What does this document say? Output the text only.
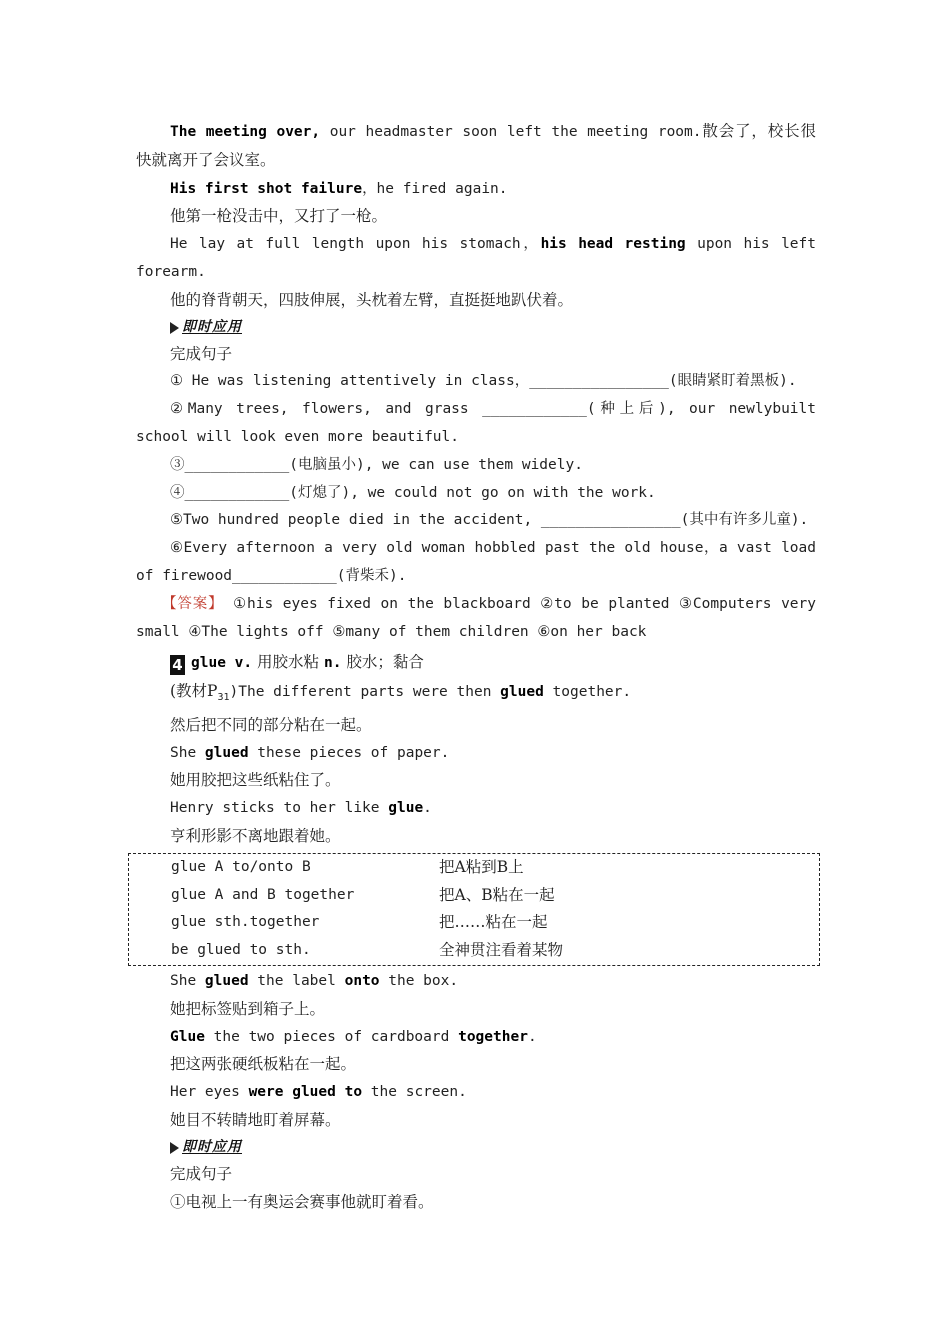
The meeting over, our headmaster soon left the meeting room.散会了，校长很快就离开了会议室。
His first shot failure，he fired again.
他第一枪没击中，又打了一枪。
He lay at full length upon his stomach，his head resting upon his left forearm.
他的脊背朝天，四肢伸展，头枕着左臂，直挺挺地趴伏着。
即时应用
完成句子
① He was listening attentively in class，________________(眼睛紧盯着黑板).
②Many trees, flowers, and grass ____________(种上后), our newlybuilt school will look even more beautiful.
③____________(电脑虽小), we can use them widely.
④____________(灯熄了), we could not go on with the work.
⑤Two hundred people died in the accident, ________________(其中有许多儿童).
⑥Every afternoon a very old woman hobbled past the old house，a vast load of firewood____________(背柴禾).
【答案】 ①his eyes fixed on the blackboard ②to be planted ③Computers very small ④The lights off ⑤many of them children ⑥on her back
4 glue v. 用胶水粘 n. 胶水；黏合
(教材$P_{31})The$ different parts were then glued together.
然后把不同的部分粘在一起。
She glued these pieces of paper.
她用胶把这些纸粘住了。
Henry sticks to her like glue.
亨利形影不离地跟着她。
glue A to/onto B	把A粘到B上
glue A and B together	把A、B粘在一起
glue sth.together	把……粘在一起
be glued to sth.	全神贯注看着某物
She glued the label onto the box.
她把标签贴到箱子上。
Glue the two pieces of cardboard together.
把这两张硬纸板粘在一起。
Her eyes were glued to the screen.
她目不转睛地盯着屏幕。
即时应用
完成句子
①电视上一有奥运会赛事他就盯着看。
